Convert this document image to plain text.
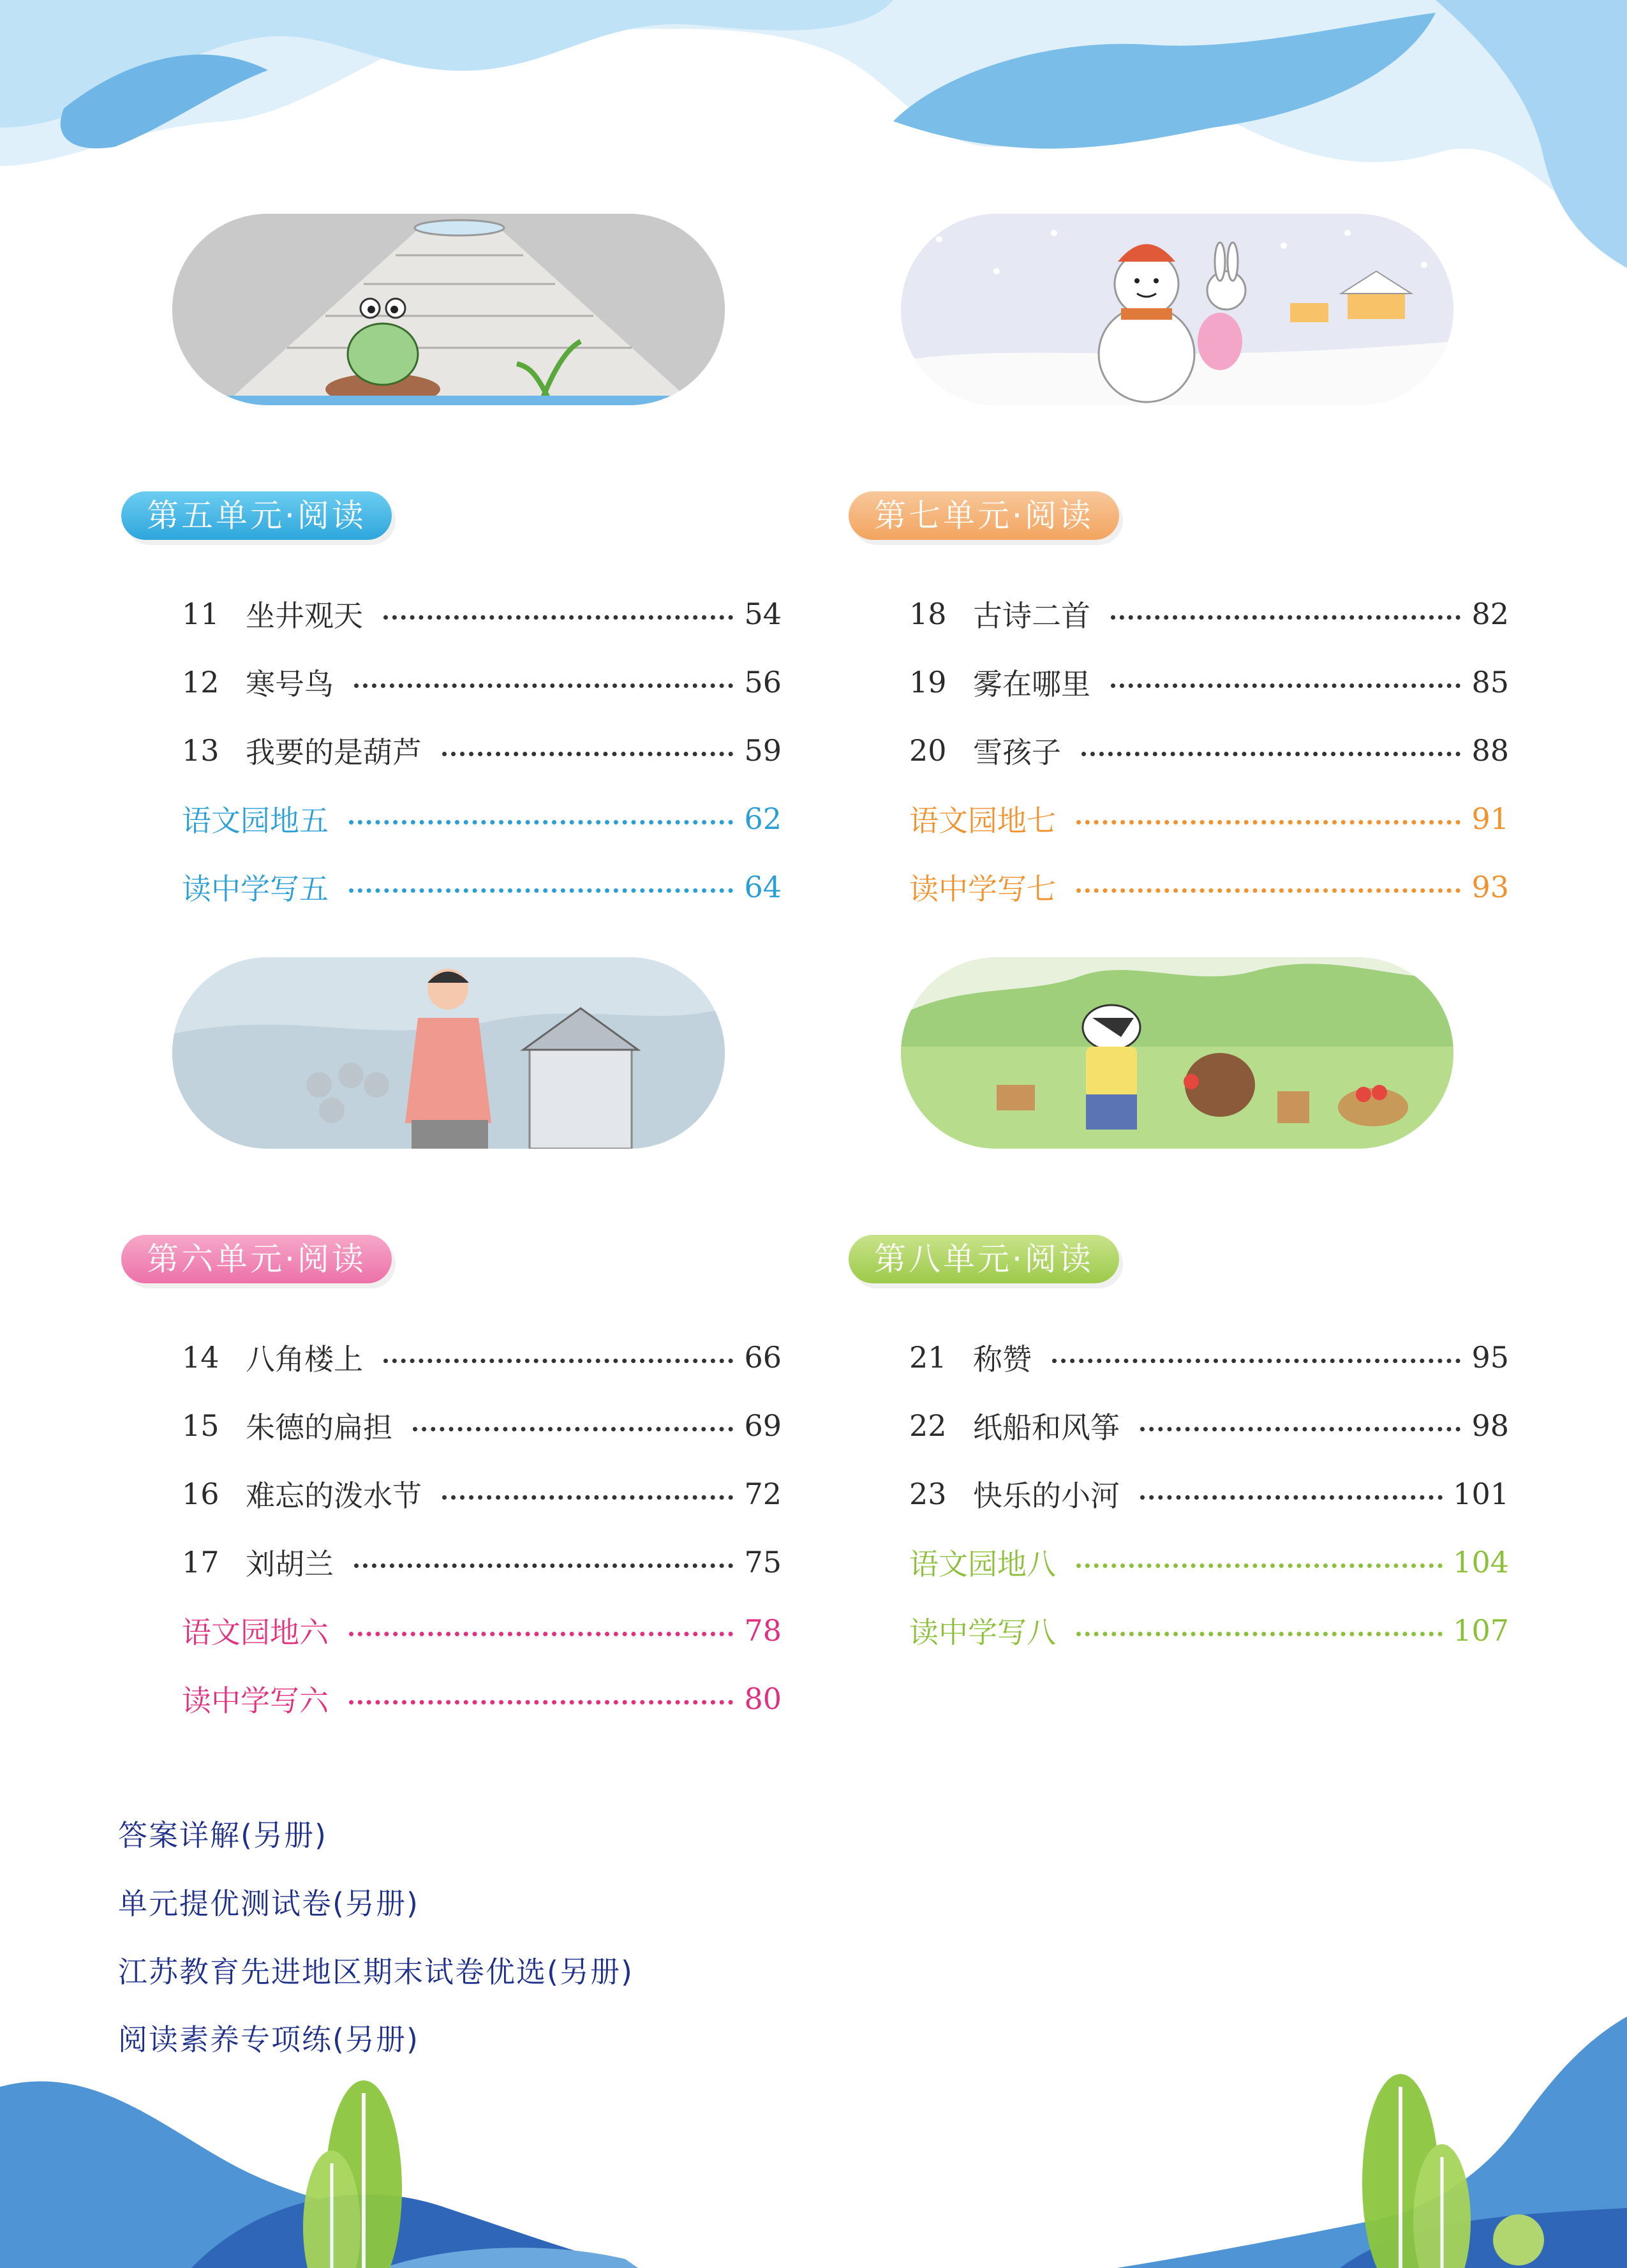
第五单元·阅读	第七单元·阅读
第六单元·阅读	第八单元·阅读
11 坐井观天	54
12 寒号鸟	56
13 我要的是葫芦	59
语文园地五	62
读中学写五	64
18 古诗二首	82
19 雾在哪里	85
20 雪孩子	88
语文园地七	91
读中学写七	93
14 八角楼上	66
15 朱德的扁担	69
16 难忘的泼水节	72
17 刘胡兰	75
语文园地六	78
读中学写六	80
21 称赞	95
22 纸船和风筝	98
23 快乐的小河	101
语文园地八	104
读中学写八	107
答案详解(另册)
单元提优测试卷(另册)
江苏教育先进地区期末试卷优选(另册)
阅读素养专项练(另册)
